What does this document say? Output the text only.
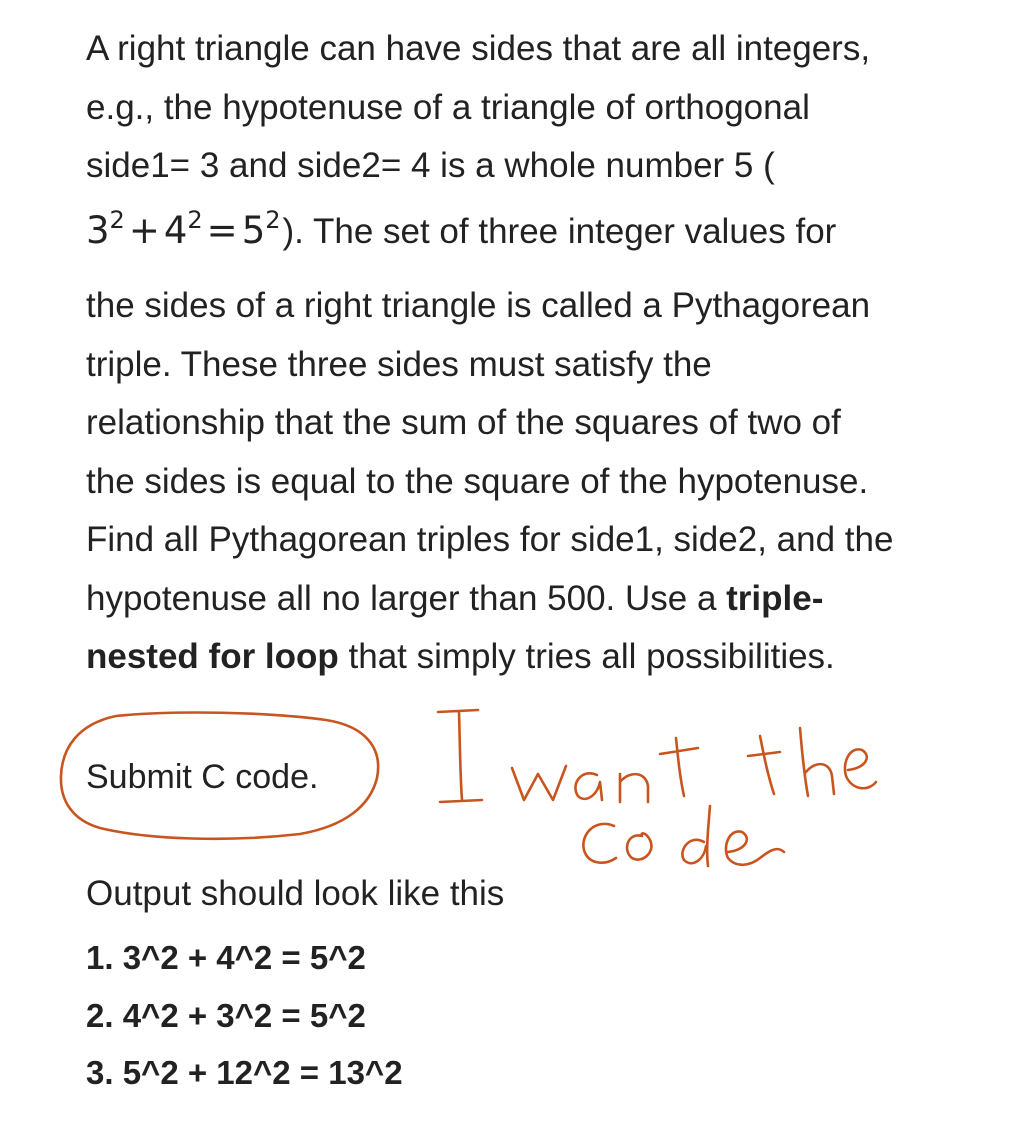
A right triangle can have sides that are all integers,
e.g., the hypotenuse of a triangle of orthogonal
side1= 3 and side2= 4 is a whole number 5 (
$3^2 + 4^2 = 5^2$). The set of three integer values for
the sides of a right triangle is called a Pythagorean
triple. These three sides must satisfy the
relationship that the sum of the squares of two of
the sides is equal to the square of the hypotenuse.
Find all Pythagorean triples for side1, side2, and the
hypotenuse all no larger than 500. Use a triple-
nested for loop that simply tries all possibilities.

Submit C code.
Output should look like this
1. 3^2 + 4^2 = 5^2
2. 4^2 + 3^2 = 5^2
3. 5^2 + 12^2 = 13^2
